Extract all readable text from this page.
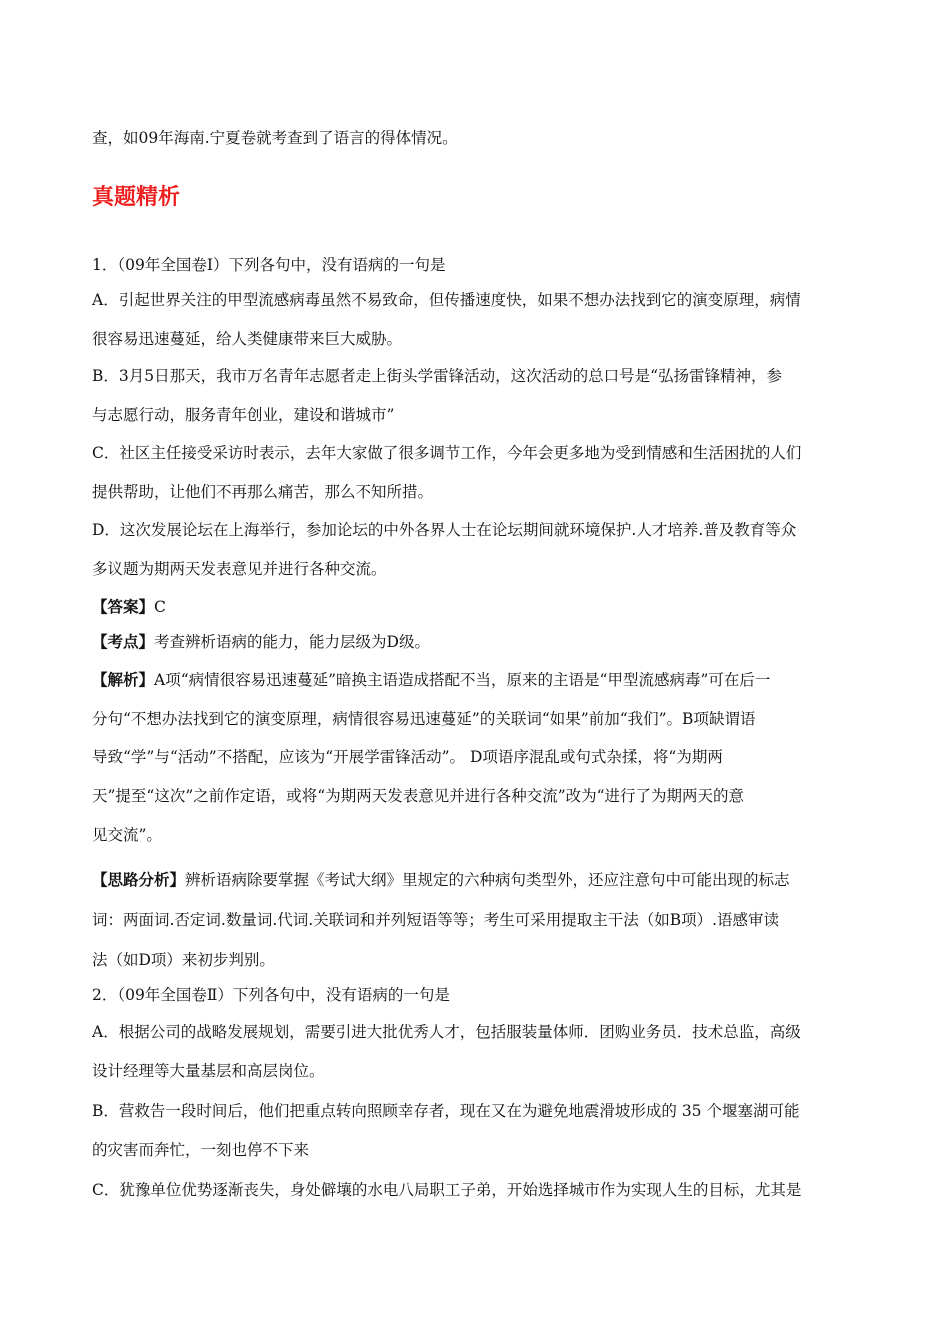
查，如09年海南.宁夏卷就考查到了语言的得体情况。
真题精析
1．（09年全国卷Ⅰ）下列各句中，没有语病的一句是
A．引起世界关注的甲型流感病毒虽然不易致命，但传播速度快，如果不想办法找到它的演变原理，病情
很容易迅速蔓延，给人类健康带来巨大威胁。
B．3月5日那天，我市万名青年志愿者走上街头学雷锋活动，这次活动的总口号是“弘扬雷锋精神，参
与志愿行动，服务青年创业，建设和谐城市”
C．社区主任接受采访时表示，去年大家做了很多调节工作，今年会更多地为受到情感和生活困扰的人们
提供帮助，让他们不再那么痛苦，那么不知所措。
D．这次发展论坛在上海举行，参加论坛的中外各界人士在论坛期间就环境保护.人才培养.普及教育等众
多议题为期两天发表意见并进行各种交流。
【答案】C
【考点】考查辨析语病的能力，能力层级为D级。
【解析】A项“病情很容易迅速蔓延”暗换主语造成搭配不当，原来的主语是“甲型流感病毒”可在后一
分句“不想办法找到它的演变原理，病情很容易迅速蔓延”的关联词“如果”前加“我们”。B项缺谓语
导致“学”与“活动”不搭配，应该为“开展学雷锋活动”。 D项语序混乱或句式杂揉，将“为期两
天”提至“这次”之前作定语，或将“为期两天发表意见并进行各种交流”改为“进行了为期两天的意
见交流”。
【思路分析】辨析语病除要掌握《考试大纲》里规定的六种病句类型外，还应注意句中可能出现的标志
词：两面词.否定词.数量词.代词.关联词和并列短语等等；考生可采用提取主干法（如B项）.语感审读
法（如D项）来初步判别。
2．（09年全国卷Ⅱ）下列各句中，没有语病的一句是
A．根据公司的战略发展规划，需要引进大批优秀人才，包括服装量体师．团购业务员．技术总监，高级
设计经理等大量基层和高层岗位。
B．营救告一段时间后，他们把重点转向照顾幸存者，现在又在为避免地震滑坡形成的 35 个堰塞湖可能
的灾害而奔忙，一刻也停不下来
C．犹豫单位优势逐渐丧失，身处僻壤的水电八局职工子弟，开始选择城市作为实现人生的目标，尤其是
